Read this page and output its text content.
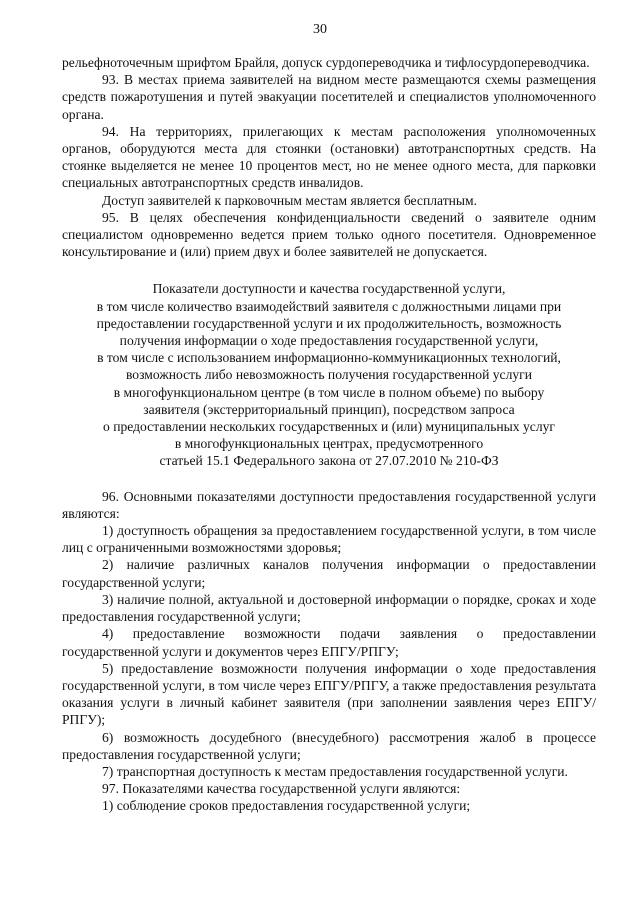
30

рельефноточечным шрифтом Брайля, допуск сурдопереводчика и тифлосурдопереводчика.

93. В местах приема заявителей на видном месте размещаются схемы размещения средств пожаротушения и путей эвакуации посетителей и специалистов уполномоченного органа.

94. На территориях, прилегающих к местам расположения уполномоченных органов, оборудуются места для стоянки (остановки) автотранспортных средств. На стоянке выделяется не менее 10 процентов мест, но не менее одного места, для парковки специальных автотранспортных средств инвалидов.

Доступ заявителей к парковочным местам является бесплатным.

95. В целях обеспечения конфиденциальности сведений о заявителе одним специалистом одновременно ведется прием только одного посетителя. Одновременное консультирование и (или) прием двух и более заявителей не допускается.

Показатели доступности и качества государственной услуги,

в том числе количество взаимодействий заявителя с должностными лицами при

предоставлении государственной услуги и их продолжительность, возможность

получения информации о ходе предоставления государственной услуги,

в том числе с использованием информационно-коммуникационных технологий,

возможность либо невозможность получения государственной услуги

в многофункциональном центре (в том числе в полном объеме) по выбору

заявителя (экстерриториальный принцип), посредством запроса

о предоставлении нескольких государственных и (или) муниципальных услуг

в многофункциональных центрах, предусмотренного

статьей 15.1 Федерального закона от 27.07.2010 № 210-ФЗ

96. Основными показателями доступности предоставления государственной услуги являются:

1) доступность обращения за предоставлением государственной услуги, в том числе лиц с ограниченными возможностями здоровья;

2) наличие различных каналов получения информации о предоставлении государственной услуги;

3) наличие полной, актуальной и достоверной информации о порядке, сроках и ходе предоставления государственной услуги;

4) предоставление возможности подачи заявления о предоставлении государственной услуги и документов через ЕПГУ/РПГУ;

5) предоставление возможности получения информации о ходе предоставления государственной услуги, в том числе через ЕПГУ/РПГУ, а также предоставления результата оказания услуги в личный кабинет заявителя (при заполнении заявления через ЕПГУ/РПГУ);

6) возможность досудебного (внесудебного) рассмотрения жалоб в процессе предоставления государственной услуги;

7) транспортная доступность к местам предоставления государственной услуги.

97. Показателями качества государственной услуги являются:

1) соблюдение сроков предоставления государственной услуги;
